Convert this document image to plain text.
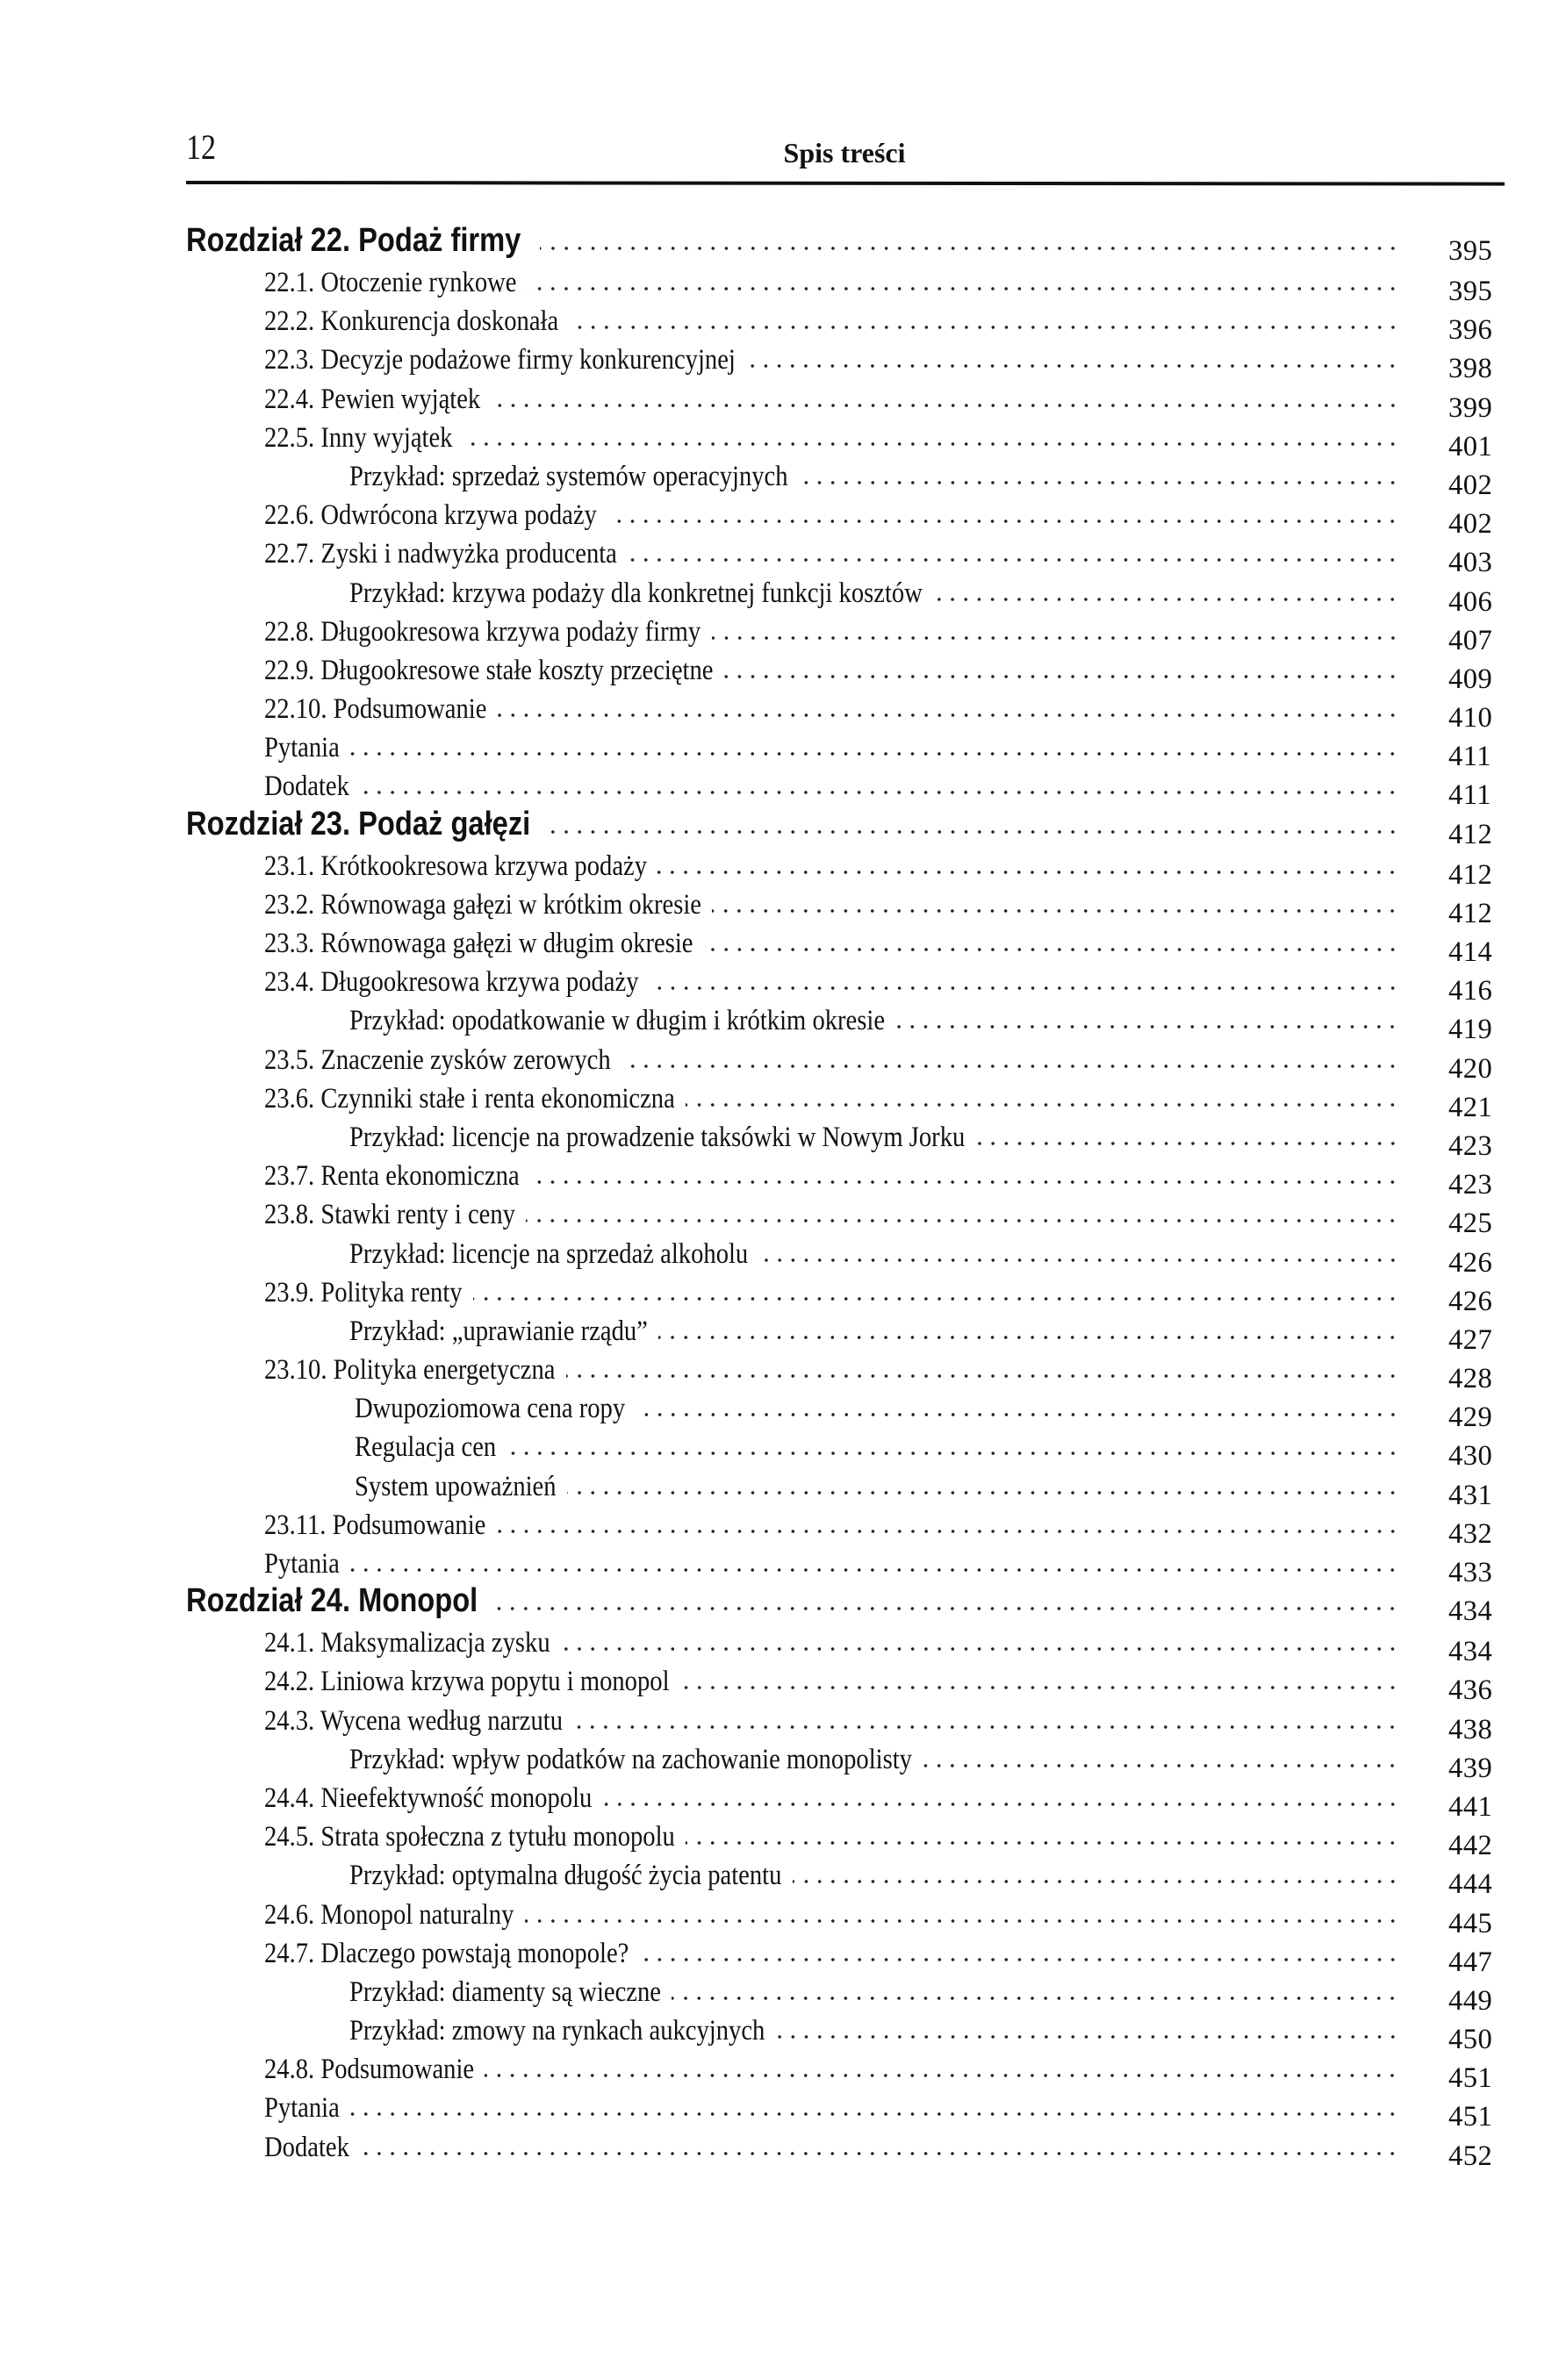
12	Spis treści
Rozdział 22. Podaż firmy	395
22.1. Otoczenie rynkowe	395
22.2. Konkurencja doskonała	396
22.3. Decyzje podażowe firmy konkurencyjnej	398
22.4. Pewien wyjątek	399
22.5. Inny wyjątek	401
Przykład: sprzedaż systemów operacyjnych	402
22.6. Odwrócona krzywa podaży	402
22.7. Zyski i nadwyżka producenta	403
Przykład: krzywa podaży dla konkretnej funkcji kosztów	406
22.8. Długookresowa krzywa podaży firmy	407
22.9. Długookresowe stałe koszty przeciętne	409
22.10. Podsumowanie	410
Pytania	411
Dodatek	411
Rozdział 23. Podaż gałęzi	412
23.1. Krótkookresowa krzywa podaży	412
23.2. Równowaga gałęzi w krótkim okresie	412
23.3. Równowaga gałęzi w długim okresie	414
23.4. Długookresowa krzywa podaży	416
Przykład: opodatkowanie w długim i krótkim okresie	419
23.5. Znaczenie zysków zerowych	420
23.6. Czynniki stałe i renta ekonomiczna	421
Przykład: licencje na prowadzenie taksówki w Nowym Jorku	423
23.7. Renta ekonomiczna	423
23.8. Stawki renty i ceny	425
Przykład: licencje na sprzedaż alkoholu	426
23.9. Polityka renty	426
Przykład: „uprawianie rządu”	427
23.10. Polityka energetyczna	428
Dwupoziomowa cena ropy	429
Regulacja cen	430
System upoważnień	431
23.11. Podsumowanie	432
Pytania	433
Rozdział 24. Monopol	434
24.1. Maksymalizacja zysku	434
24.2. Liniowa krzywa popytu i monopol	436
24.3. Wycena według narzutu	438
Przykład: wpływ podatków na zachowanie monopolisty	439
24.4. Nieefektywność monopolu	441
24.5. Strata społeczna z tytułu monopolu	442
Przykład: optymalna długość życia patentu	444
24.6. Monopol naturalny	445
24.7. Dlaczego powstają monopole?	447
Przykład: diamenty są wieczne	449
Przykład: zmowy na rynkach aukcyjnych	450
24.8. Podsumowanie	451
Pytania	451
Dodatek	452
